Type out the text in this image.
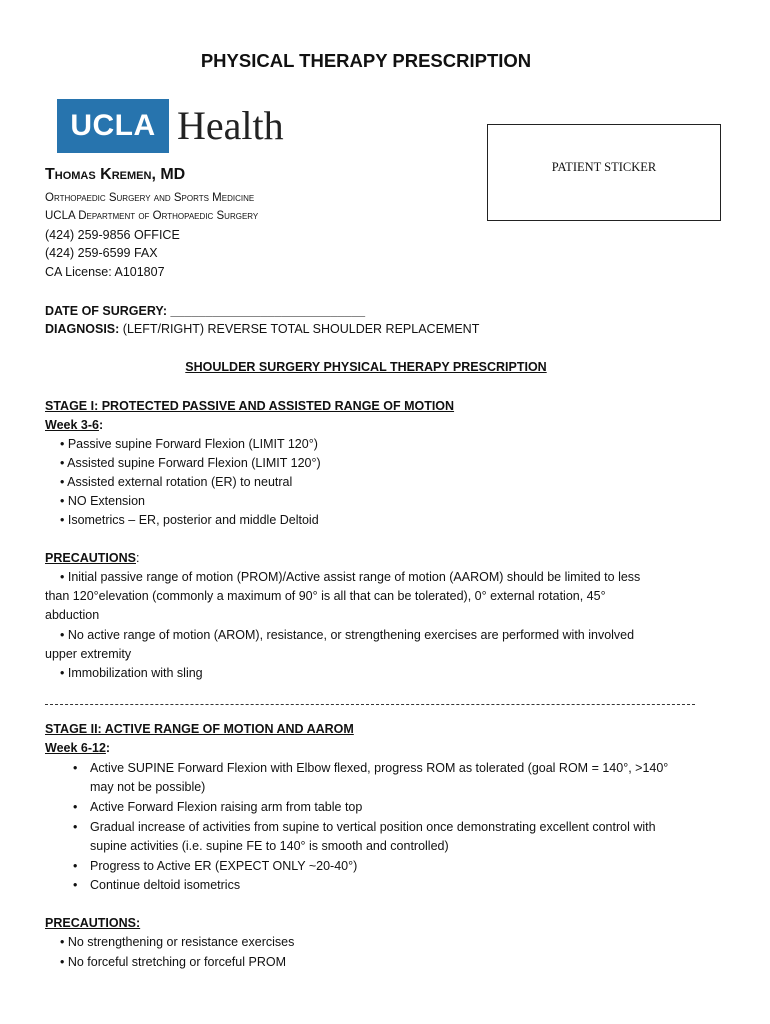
PHYSICAL THERAPY PRESCRIPTION
UCLA Health
PATIENT STICKER
Thomas Kremen, MD
Orthopaedic Surgery and Sports Medicine
UCLA Department of Orthopaedic Surgery
(424) 259-9856 OFFICE
(424) 259-6599 FAX
CA License: A101807
DATE OF SURGERY: ____________________________
DIAGNOSIS: (LEFT/RIGHT) REVERSE TOTAL SHOULDER REPLACEMENT
SHOULDER SURGERY PHYSICAL THERAPY PRESCRIPTION
STAGE I: PROTECTED PASSIVE AND ASSISTED RANGE OF MOTION
Week 3-6:
• Passive supine Forward Flexion (LIMIT 120°)
• Assisted supine Forward Flexion (LIMIT 120°)
• Assisted external rotation (ER) to neutral
• NO Extension
• Isometrics – ER, posterior and middle Deltoid
PRECAUTIONS:
• Initial passive range of motion (PROM)/Active assist range of motion (AAROM) should be limited to less
than 120°elevation (commonly a maximum of 90° is all that can be tolerated), 0° external rotation, 45°
abduction
• No active range of motion (AROM), resistance, or strengthening exercises are performed with involved
upper extremity
• Immobilization with sling
STAGE II: ACTIVE RANGE OF MOTION AND AAROM
Week 6-12:
• Active SUPINE Forward Flexion with Elbow flexed, progress ROM as tolerated (goal ROM = 140°, >140°
may not be possible)
• Active Forward Flexion raising arm from table top
• Gradual increase of activities from supine to vertical position once demonstrating excellent control with
supine activities (i.e. supine FE to 140° is smooth and controlled)
• Progress to Active ER (EXPECT ONLY ~20-40°)
• Continue deltoid isometrics
PRECAUTIONS:
• No strengthening or resistance exercises
• No forceful stretching or forceful PROM
